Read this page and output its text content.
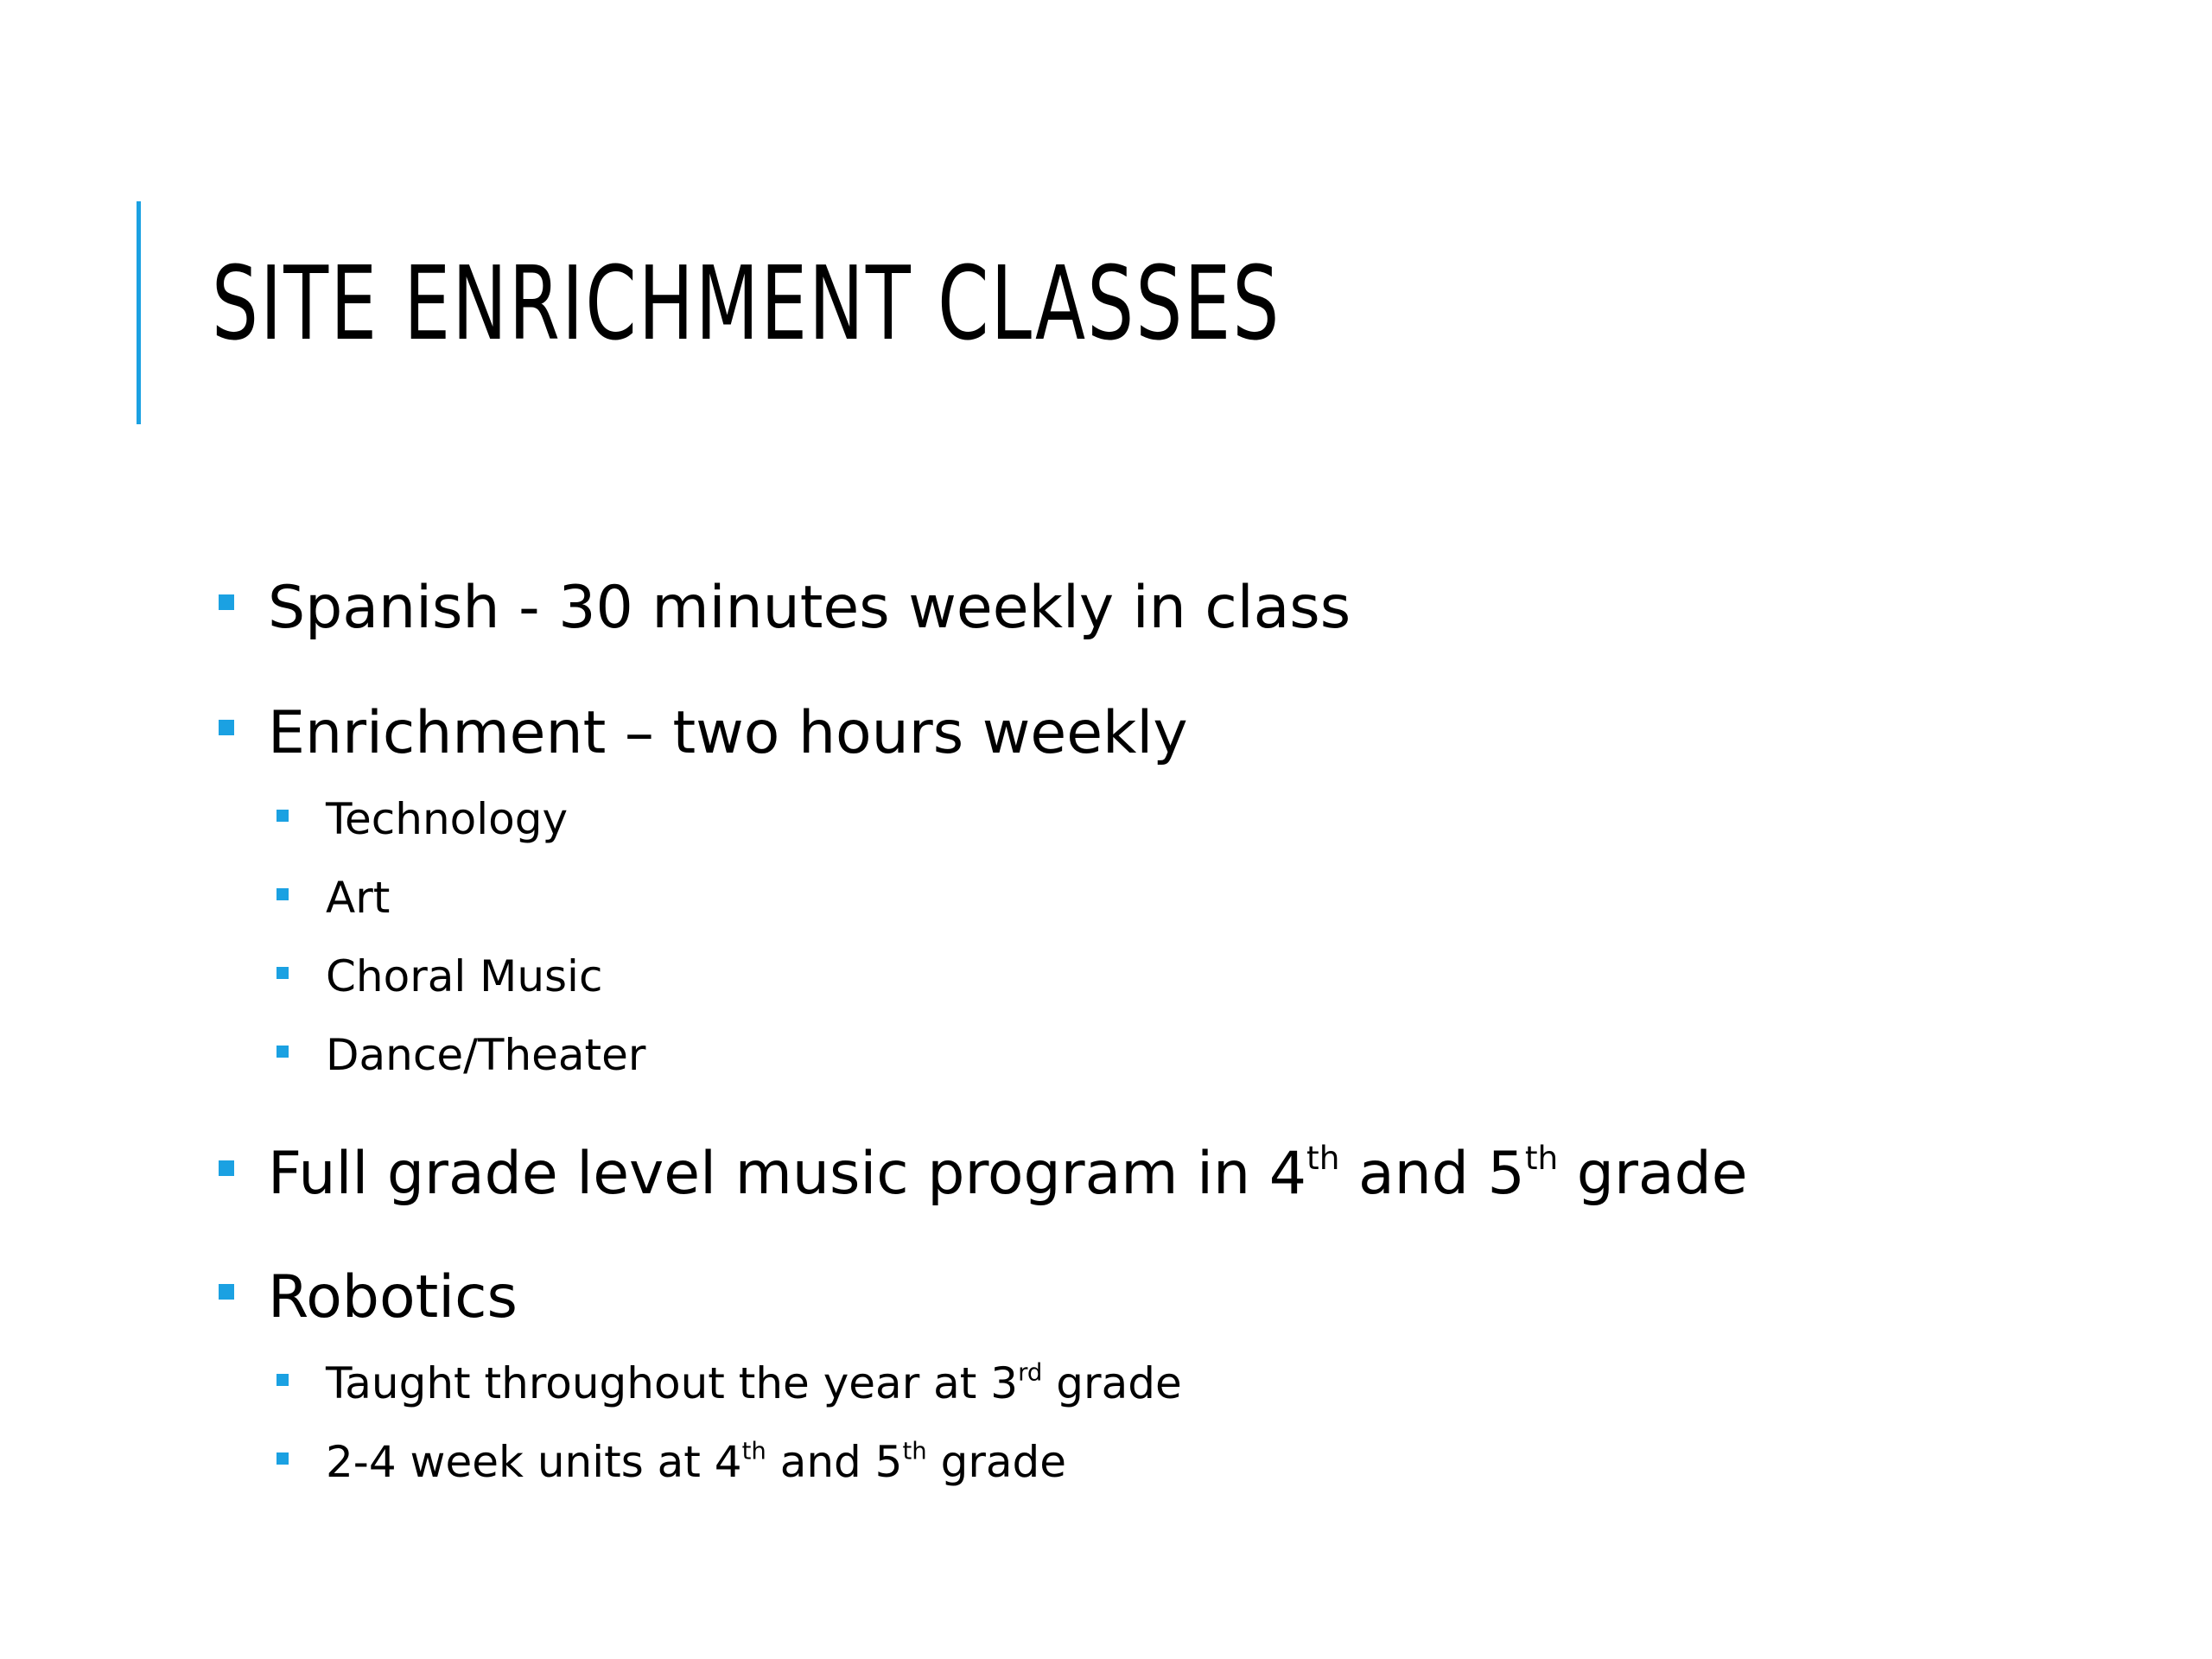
SITE ENRICHMENT CLASSES
Spanish - 30 minutes weekly in class
Enrichment – two hours weekly
Technology
Art
Choral Music
Dance/Theater
Full grade level music program in 4th and 5th grade
Robotics
Taught throughout the year at 3rd grade
2-4 week units at 4th and 5th grade
